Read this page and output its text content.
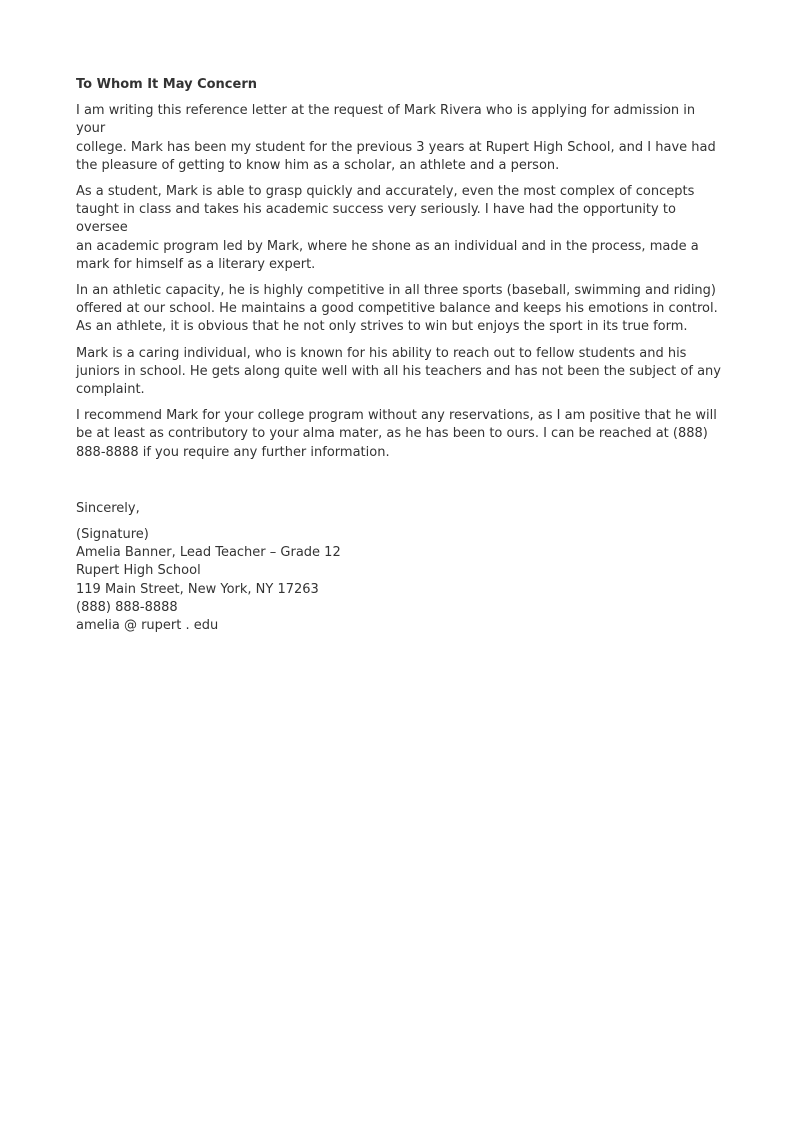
To Whom It May Concern
I am writing this reference letter at the request of Mark Rivera who is applying for admission in your
college. Mark has been my student for the previous 3 years at Rupert High School, and I have had
the pleasure of getting to know him as a scholar, an athlete and a person.
As a student, Mark is able to grasp quickly and accurately, even the most complex of concepts
taught in class and takes his academic success very seriously. I have had the opportunity to oversee
an academic program led by Mark, where he shone as an individual and in the process, made a
mark for himself as a literary expert.
In an athletic capacity, he is highly competitive in all three sports (baseball, swimming and riding)
offered at our school. He maintains a good competitive balance and keeps his emotions in control.
As an athlete, it is obvious that he not only strives to win but enjoys the sport in its true form.
Mark is a caring individual, who is known for his ability to reach out to fellow students and his
juniors in school. He gets along quite well with all his teachers and has not been the subject of any
complaint.
I recommend Mark for your college program without any reservations, as I am positive that he will
be at least as contributory to your alma mater, as he has been to ours. I can be reached at (888)
888-8888 if you require any further information.
Sincerely,
(Signature)
Amelia Banner, Lead Teacher – Grade 12
Rupert High School
119 Main Street, New York, NY 17263
(888) 888-8888
amelia @ rupert . edu
